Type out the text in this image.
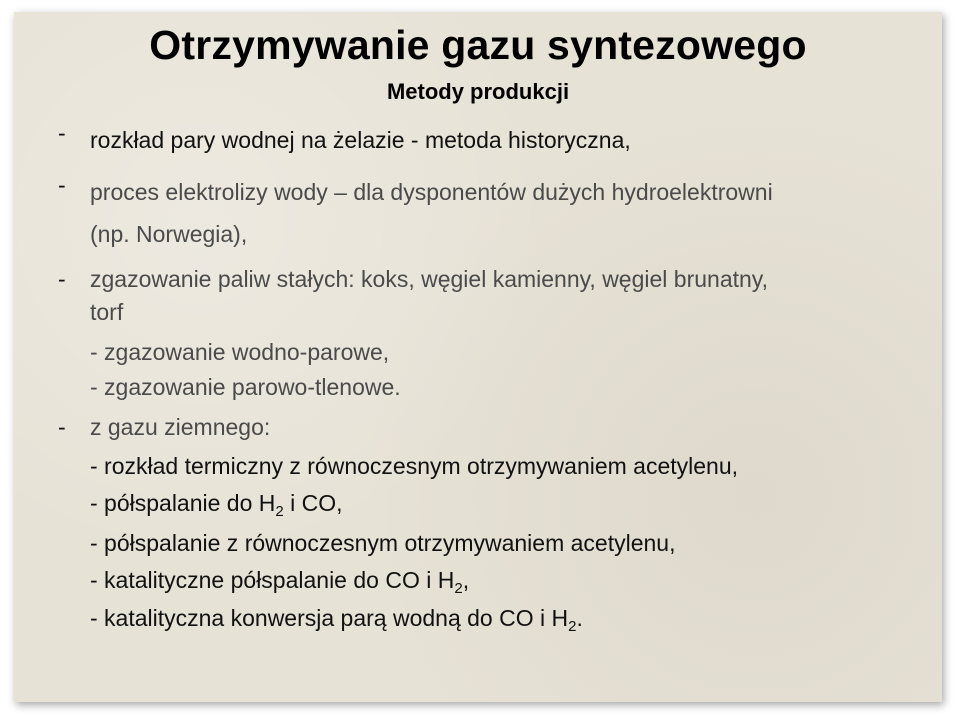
Otrzymywanie gazu syntezowego
Metody produkcji
- rozkład pary wodnej na żelazie - metoda historyczna,
- proces elektrolizy wody – dla dysponentów dużych hydroelektrowni
(np. Norwegia),
- zgazowanie paliw stałych: koks, węgiel kamienny, węgiel brunatny,
torf
- zgazowanie wodno-parowe,
- zgazowanie parowo-tlenowe.
- z gazu ziemnego:
- rozkład termiczny z równoczesnym otrzymywaniem acetylenu,
- półspalanie do $H_2$ i CO,
- półspalanie z równoczesnym otrzymywaniem acetylenu,
- katalityczne półspalanie do CO i $H_2$,
- katalityczna konwersja parą wodną do CO i $H_2$.
